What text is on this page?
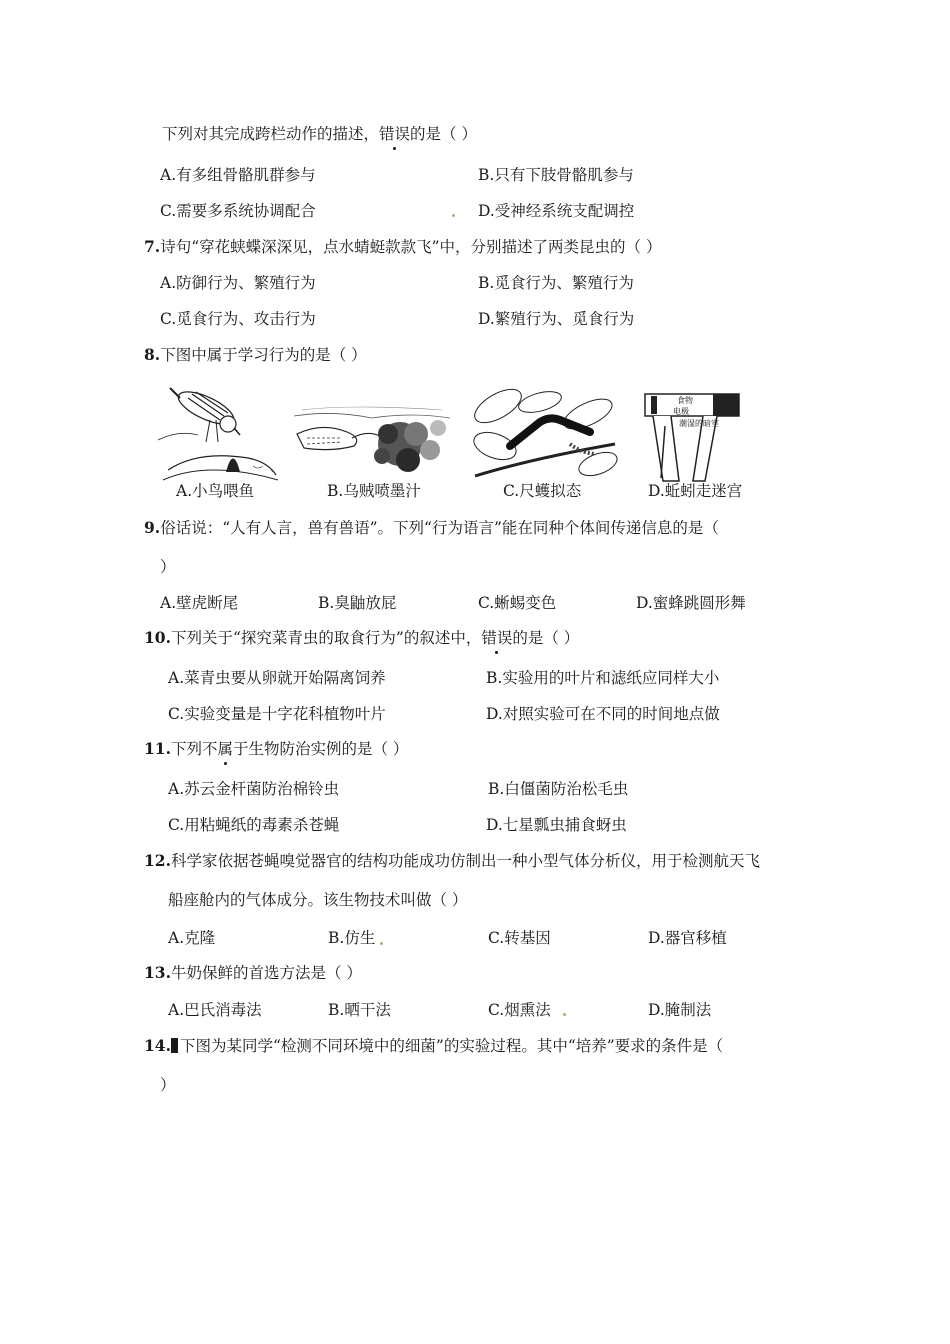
下列对其完成跨栏动作的描述，错误的是（ ）
A.有多组骨骼肌群参与	B.只有下肢骨骼肌参与
C.需要多系统协调配合	D.受神经系统支配调控
7.诗句“穿花蛱蝶深深见，点水蜻蜓款款飞”中，分别描述了两类昆虫的（ ）
A.防御行为、繁殖行为	B.觅食行为、繁殖行为
C.觅食行为、攻击行为	D.繁殖行为、觅食行为
8.下图中属于学习行为的是（ ）
食物
电极
潮湿的暗室
A.小鸟喂鱼	B.乌贼喷墨汁	C.尺蠖拟态	D.蚯蚓走迷宫
9.俗话说：“人有人言，兽有兽语”。下列“行为语言”能在同种个体间传递信息的是（
）
A.壁虎断尾	B.臭鼬放屁	C.蜥蜴变色	D.蜜蜂跳圆形舞
10.下列关于“探究菜青虫的取食行为”的叙述中，错误的是（ ）
A.菜青虫要从卵就开始隔离饲养	B.实验用的叶片和滤纸应同样大小
C.实验变量是十字花科植物叶片	D.对照实验可在不同的时间地点做
11.下列不属于生物防治实例的是（ ）
A.苏云金杆菌防治棉铃虫	B.白僵菌防治松毛虫
C.用粘蝇纸的毒素杀苍蝇	D.七星瓢虫捕食蚜虫
12.科学家依据苍蝇嗅觉器官的结构功能成功仿制出一种小型气体分析仪，用于检测航天飞
船座舱内的气体成分。该生物技术叫做（ ）
A.克隆	B.仿生	C.转基因	D.器官移植
13.牛奶保鲜的首选方法是（ ）
A.巴氏消毒法	B.晒干法	C.烟熏法	D.腌制法
14. 下图为某同学“检测不同环境中的细菌”的实验过程。其中“培养”要求的条件是（
）
